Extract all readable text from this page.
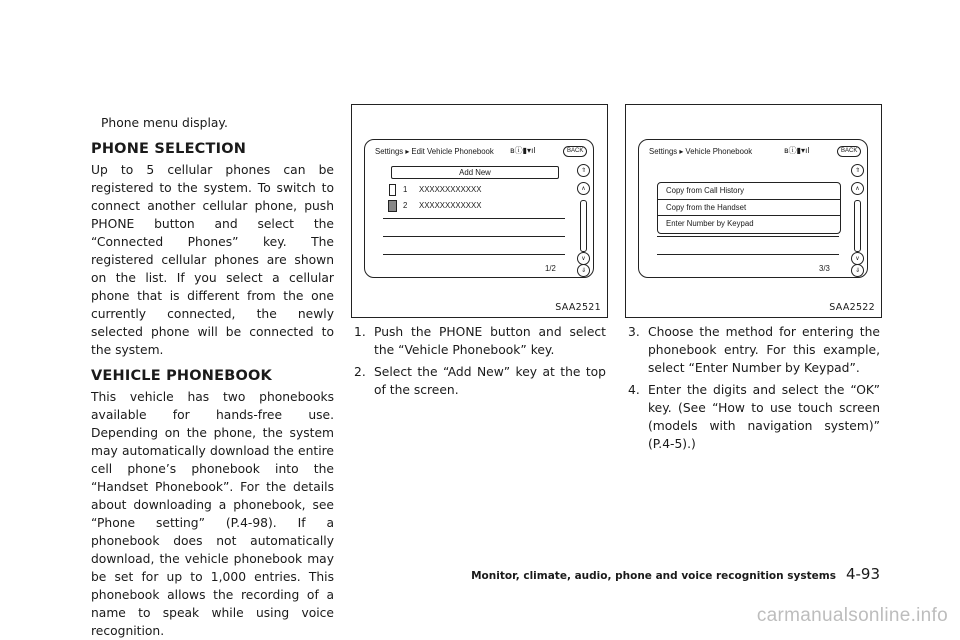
Phone menu display.

PHONE SELECTION

Up to 5 cellular phones can be registered to the system. To switch to connect another cellular phone, push PHONE button and select the “Connected Phones” key. The registered cellular phones are shown on the list. If you select a cellular phone that is different from the one currently connected, the newly selected phone will be connected to the system.

VEHICLE PHONEBOOK

This vehicle has two phonebooks available for hands-free use. Depending on the phone, the system may automatically download the entire cell phone’s phonebook into the “Handset Phonebook”. For the details about downloading a phonebook, see “Phone setting” (P.4-98). If a phonebook does not automatically download, the vehicle phonebook may be set for up to 1,000 entries. This phonebook allows the recording of a name to speak while using voice recognition.

Settings ▸ Edit Vehicle Phonebook ʙⓘ▮▾ıl	BACK
Add New
1 XXXXXXXXXXXX
2 XXXXXXXXXXXX
1/2
⇑
∧
∨
⇓
SAA2521
Settings ▸ Vehicle Phonebook	ʙⓘ▮▾ıl	BACK
Copy from Call History
Copy from the Handset
Enter Number by Keypad
3/3
⇑
∧
∨
⇓
SAA2522
1. Push the PHONE button and select the “Vehicle Phonebook” key.
2. Select the “Add New” key at the top of the screen.
3. Choose the method for entering the phonebook entry. For this example, select “Enter Number by Keypad”.
4. Enter the digits and select the “OK” key. (See “How to use touch screen (models with navigation system)” (P.4-5).)
Monitor, climate, audio, phone and voice recognition systems 4-93
carmanualsonline.info
